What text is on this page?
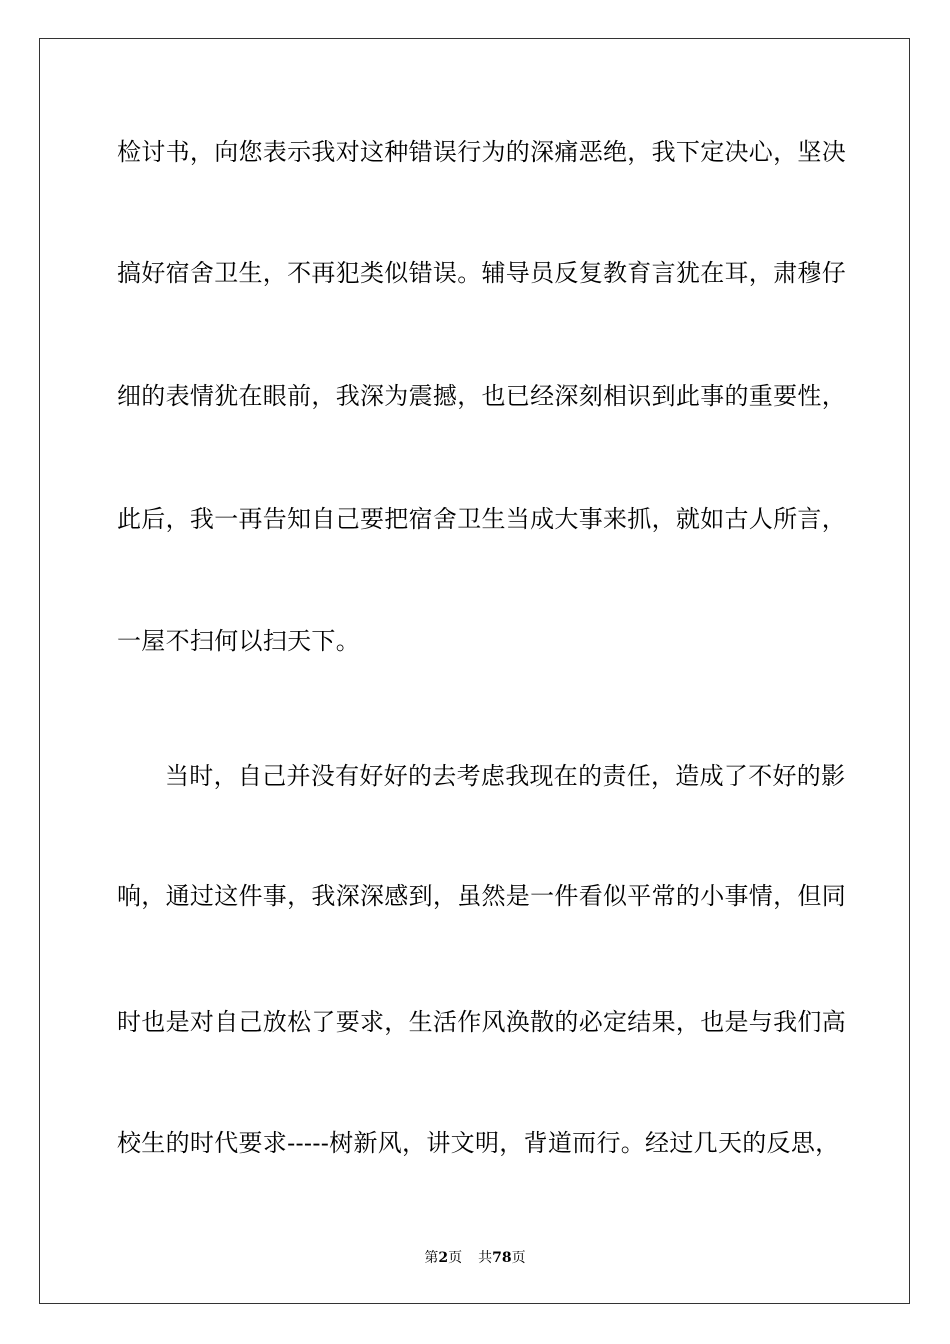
检讨书，向您表示我对这种错误行为的深痛恶绝，我下定决心，坚决
搞好宿舍卫生，不再犯类似错误。辅导员反复教育言犹在耳，肃穆仔
细的表情犹在眼前，我深为震撼，也已经深刻相识到此事的重要性，
此后，我一再告知自己要把宿舍卫生当成大事来抓，就如古人所言，
一屋不扫何以扫天下。
当时，自己并没有好好的去考虑我现在的责任，造成了不好的影
响，通过这件事，我深深感到，虽然是一件看似平常的小事情，但同
时也是对自己放松了要求，生活作风涣散的必定结果，也是与我们高
校生的时代要求-----树新风，讲文明，背道而行。经过几天的反思，
第2页 共78页
